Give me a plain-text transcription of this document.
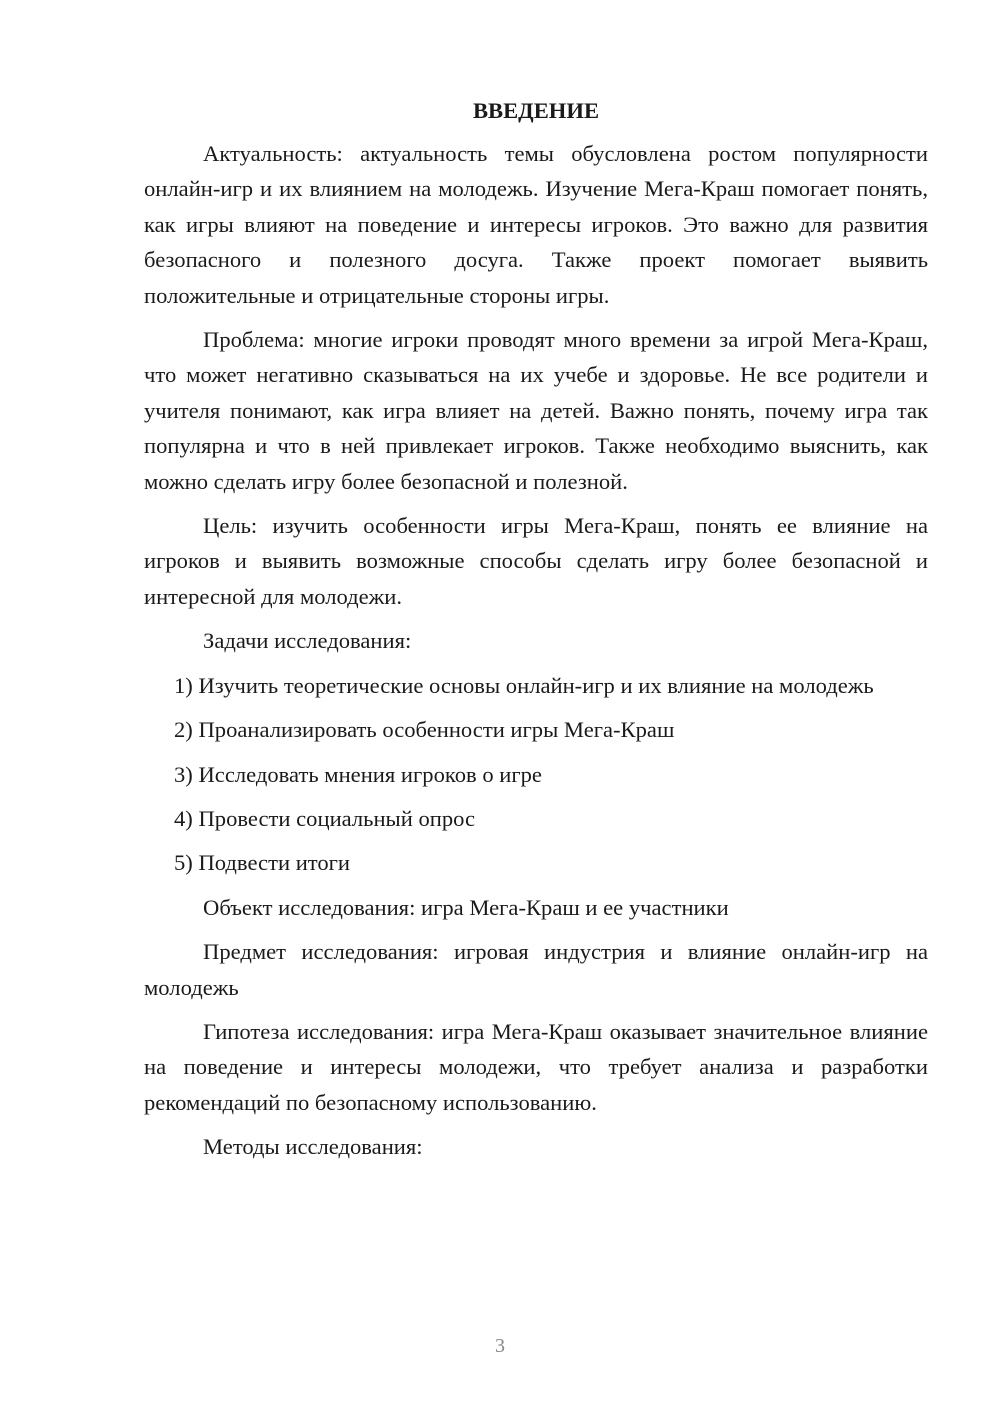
ВВЕДЕНИЕ

Актуальность: актуальность темы обусловлена ростом популярности онлайн-игр и их влиянием на молодежь. Изучение Мега-Краш помогает понять, как игры влияют на поведение и интересы игроков. Это важно для развития безопасного и полезного досуга. Также проект помогает выявить положительные и отрицательные стороны игры.

Проблема: многие игроки проводят много времени за игрой Мега-Краш, что может негативно сказываться на их учебе и здоровье. Не все родители и учителя понимают, как игра влияет на детей. Важно понять, почему игра так популярна и что в ней привлекает игроков. Также необходимо выяснить, как можно сделать игру более безопасной и полезной.

Цель: изучить особенности игры Мега-Краш, понять ее влияние на игроков и выявить возможные способы сделать игру более безопасной и интересной для молодежи.

Задачи исследования:

1) Изучить теоретические основы онлайн-игр и их влияние на молодежь

2) Проанализировать особенности игры Мега-Краш

3) Исследовать мнения игроков о игре

4) Провести социальный опрос

5) Подвести итоги

Объект исследования: игра Мега-Краш и ее участники

Предмет исследования: игровая индустрия и влияние онлайн-игр на молодежь

Гипотеза исследования: игра Мега-Краш оказывает значительное влияние на поведение и интересы молодежи, что требует анализа и разработки рекомендаций по безопасному использованию.

Методы исследования:

3
